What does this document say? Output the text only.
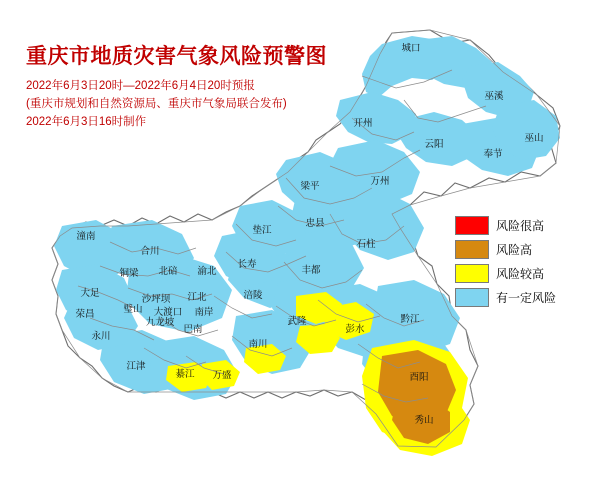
城口
巫溪
巫山
开州
云阳
奉节
万州
梁平
忠县
垫江
石柱
潼南
合川
铜梁 北碚 渝北
长寿
丰都
大足
沙坪坝 江北	涪陵
璧山 大渡口 南岸
荣昌
九龙坡
巴南
武隆
彭水
黔江
永川
南川
江津
綦江 万盛	酉阳
秀山
重庆市地质灾害气象风险预警图
2022年6月3日20时—2022年6月4日20时预报
(重庆市规划和自然资源局、重庆市气象局联合发布)
2022年6月3日16时制作
风险很高
风险高
风险较高
有一定风险
